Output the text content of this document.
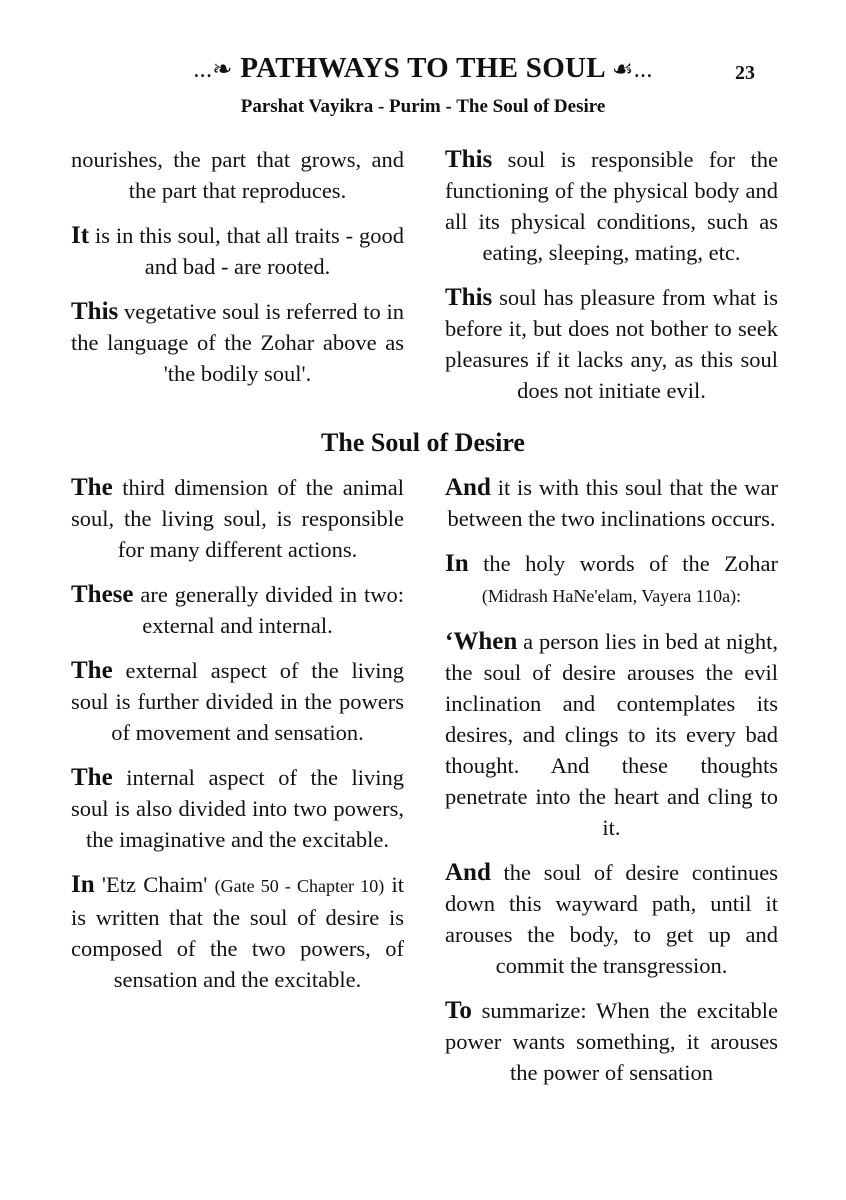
...❧ PATHWAYS TO THE SOUL ☙...	23
Parshat Vayikra - Purim - The Soul of Desire

nourishes, the part that grows, and the part that reproduces.

It is in this soul, that all traits - good and bad - are rooted.

This vegetative soul is referred to in the language of the Zohar above as 'the bodily soul'.

This soul is responsible for the functioning of the physical body and all its physical conditions, such as eating, sleeping, mating, etc.

This soul has pleasure from what is before it, but does not bother to seek pleasures if it lacks any, as this soul does not initiate evil.

The Soul of Desire

The third dimension of the animal soul, the living soul, is responsible for many different actions.

These are generally divided in two: external and internal.

The external aspect of the living soul is further divided in the powers of movement and sensation.

The internal aspect of the living soul is also divided into two powers, the imaginative and the excitable.

In 'Etz Chaim' (Gate 50 - Chapter 10) it is written that the soul of desire is composed of the two powers, of sensation and the excitable.

And it is with this soul that the war between the two inclinations occurs.

In the holy words of the Zohar (Midrash HaNe'elam, Vayera 110a):

‘When a person lies in bed at night, the soul of desire arouses the evil inclination and contemplates its desires, and clings to its every bad thought. And these thoughts penetrate into the heart and cling to it.

And the soul of desire continues down this wayward path, until it arouses the body, to get up and commit the transgression.

To summarize: When the excitable power wants something, it arouses the power of sensation
